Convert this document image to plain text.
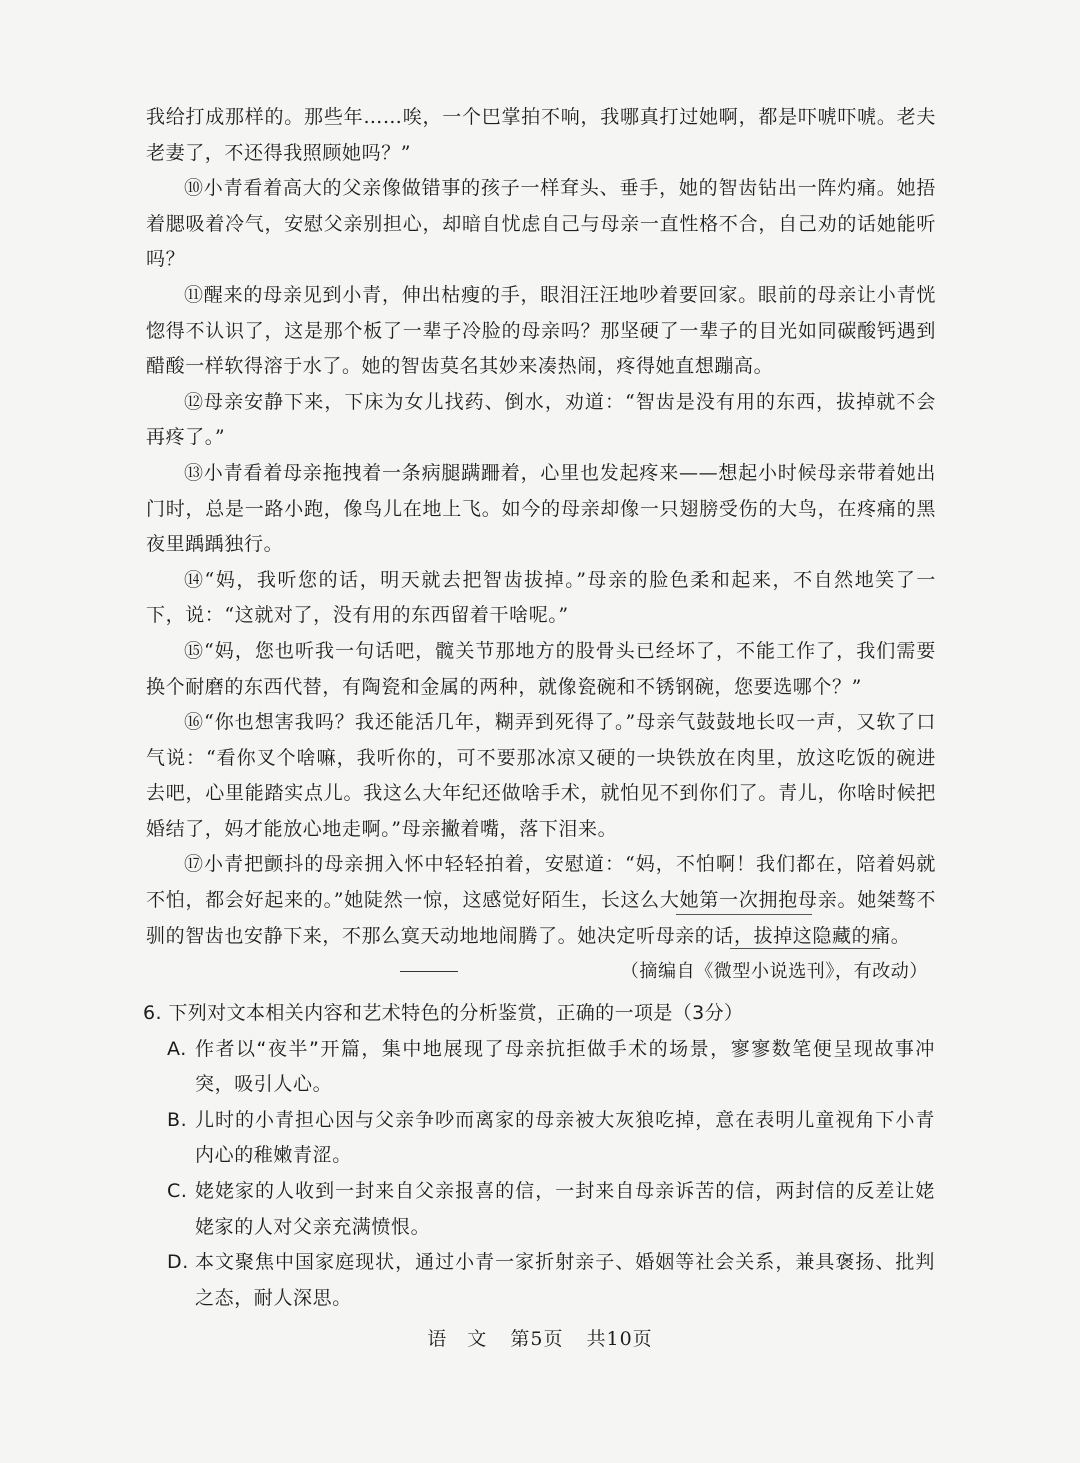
我给打成那样的。那些年……唉，一个巴掌拍不响，我哪真打过她啊，都是吓唬吓唬。老夫老妻了，不还得我照顾她吗？”

⑩小青看着高大的父亲像做错事的孩子一样耷头、垂手，她的智齿钻出一阵灼痛。她捂着腮吸着冷气，安慰父亲别担心，却暗自忧虑自己与母亲一直性格不合，自己劝的话她能听吗？

⑪醒来的母亲见到小青，伸出枯瘦的手，眼泪汪汪地吵着要回家。眼前的母亲让小青恍惚得不认识了，这是那个板了一辈子冷脸的母亲吗？那坚硬了一辈子的目光如同碳酸钙遇到醋酸一样软得溶于水了。她的智齿莫名其妙来凑热闹，疼得她直想蹦高。

⑫母亲安静下来，下床为女儿找药、倒水，劝道：“智齿是没有用的东西，拔掉就不会再疼了。”

⑬小青看着母亲拖拽着一条病腿蹒跚着，心里也发起疼来——想起小时候母亲带着她出门时，总是一路小跑，像鸟儿在地上飞。如今的母亲却像一只翅膀受伤的大鸟，在疼痛的黑夜里踽踽独行。

⑭“妈，我听您的话，明天就去把智齿拔掉。”母亲的脸色柔和起来，不自然地笑了一下，说：“这就对了，没有用的东西留着干啥呢。”

⑮“妈，您也听我一句话吧，髋关节那地方的股骨头已经坏了，不能工作了，我们需要换个耐磨的东西代替，有陶瓷和金属的两种，就像瓷碗和不锈钢碗，您要选哪个？”

⑯“你也想害我吗？我还能活几年，糊弄到死得了。”母亲气鼓鼓地长叹一声，又软了口气说：“看你叉个啥嘛，我听你的，可不要那冰凉又硬的一块铁放在肉里，放这吃饭的碗进去吧，心里能踏实点儿。我这么大年纪还做啥手术，就怕见不到你们了。青儿，你啥时候把婚结了，妈才能放心地走啊。”母亲撇着嘴，落下泪来。

⑰小青把颤抖的母亲拥入怀中轻轻拍着，安慰道：“妈，不怕啊！我们都在，陪着妈就不怕，都会好起来的。”她陡然一惊，这感觉好陌生，长这么大她第一次拥抱母亲。她桀骜不驯的智齿也安静下来，不那么寞天动地地闹腾了。她决定听母亲的话，拔掉这隐藏的痛。

（摘编自《微型小说选刊》，有改动）

6. 下列对文本相关内容和艺术特色的分析鉴赏，正确的一项是（3分）

A. 作者以“夜半”开篇，集中地展现了母亲抗拒做手术的场景，寥寥数笔便呈现故事冲突，吸引人心。
B. 儿时的小青担心因与父亲争吵而离家的母亲被大灰狼吃掉，意在表明儿童视角下小青内心的稚嫩青涩。
C. 姥姥家的人收到一封来自父亲报喜的信，一封来自母亲诉苦的信，两封信的反差让姥姥家的人对父亲充满愤恨。
D. 本文聚焦中国家庭现状，通过小青一家折射亲子、婚姻等社会关系，兼具褒扬、批判之态，耐人深思。
语　文 第5页 共10页
